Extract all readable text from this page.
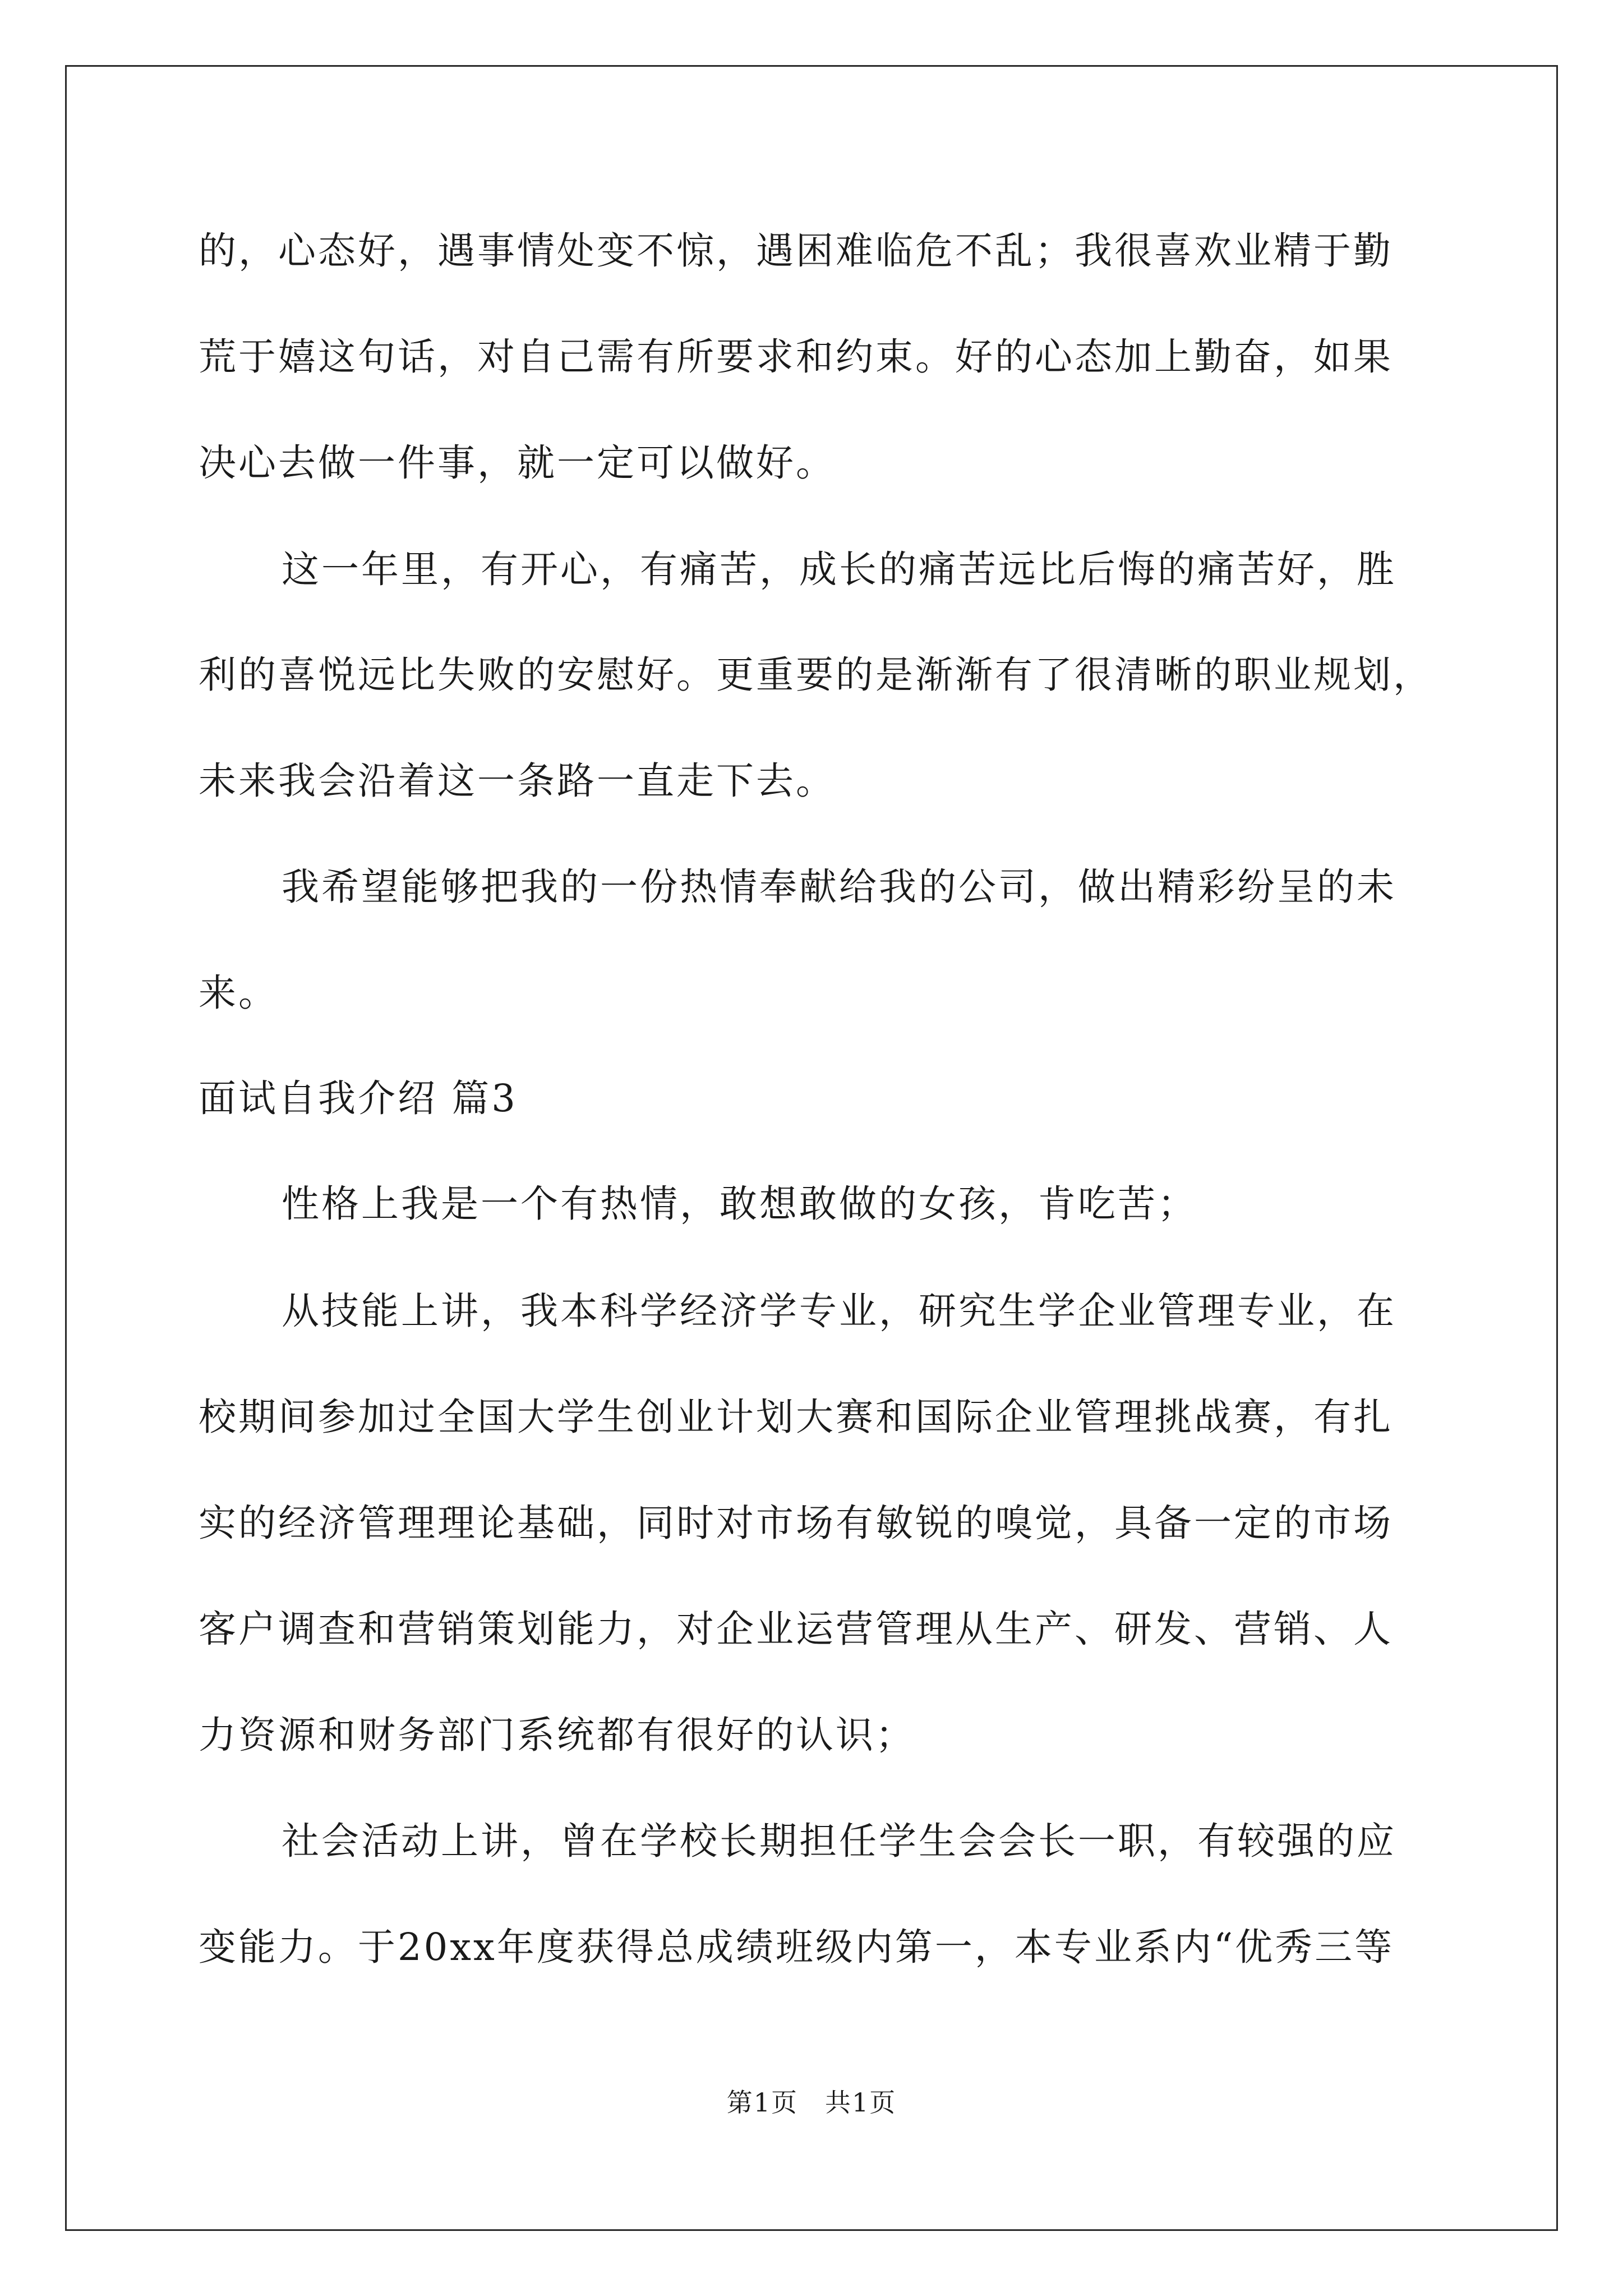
的，心态好，遇事情处变不惊，遇困难临危不乱；我很喜欢业精于勤
荒于嬉这句话，对自己需有所要求和约束。好的心态加上勤奋，如果
决心去做一件事，就一定可以做好。
这一年里，有开心，有痛苦，成长的痛苦远比后悔的痛苦好，胜
利的喜悦远比失败的安慰好。更重要的是渐渐有了很清晰的职业规划，
未来我会沿着这一条路一直走下去。
我希望能够把我的一份热情奉献给我的公司，做出精彩纷呈的未
来。
面试自我介绍 篇3
性格上我是一个有热情，敢想敢做的女孩，肯吃苦；
从技能上讲，我本科学经济学专业，研究生学企业管理专业，在
校期间参加过全国大学生创业计划大赛和国际企业管理挑战赛，有扎
实的经济管理理论基础，同时对市场有敏锐的嗅觉，具备一定的市场
客户调查和营销策划能力，对企业运营管理从生产、研发、营销、人
力资源和财务部门系统都有很好的认识；
社会活动上讲，曾在学校长期担任学生会会长一职，有较强的应
变能力。于20xx年度获得总成绩班级内第一，本专业系内“优秀三等
第1页　共1页
